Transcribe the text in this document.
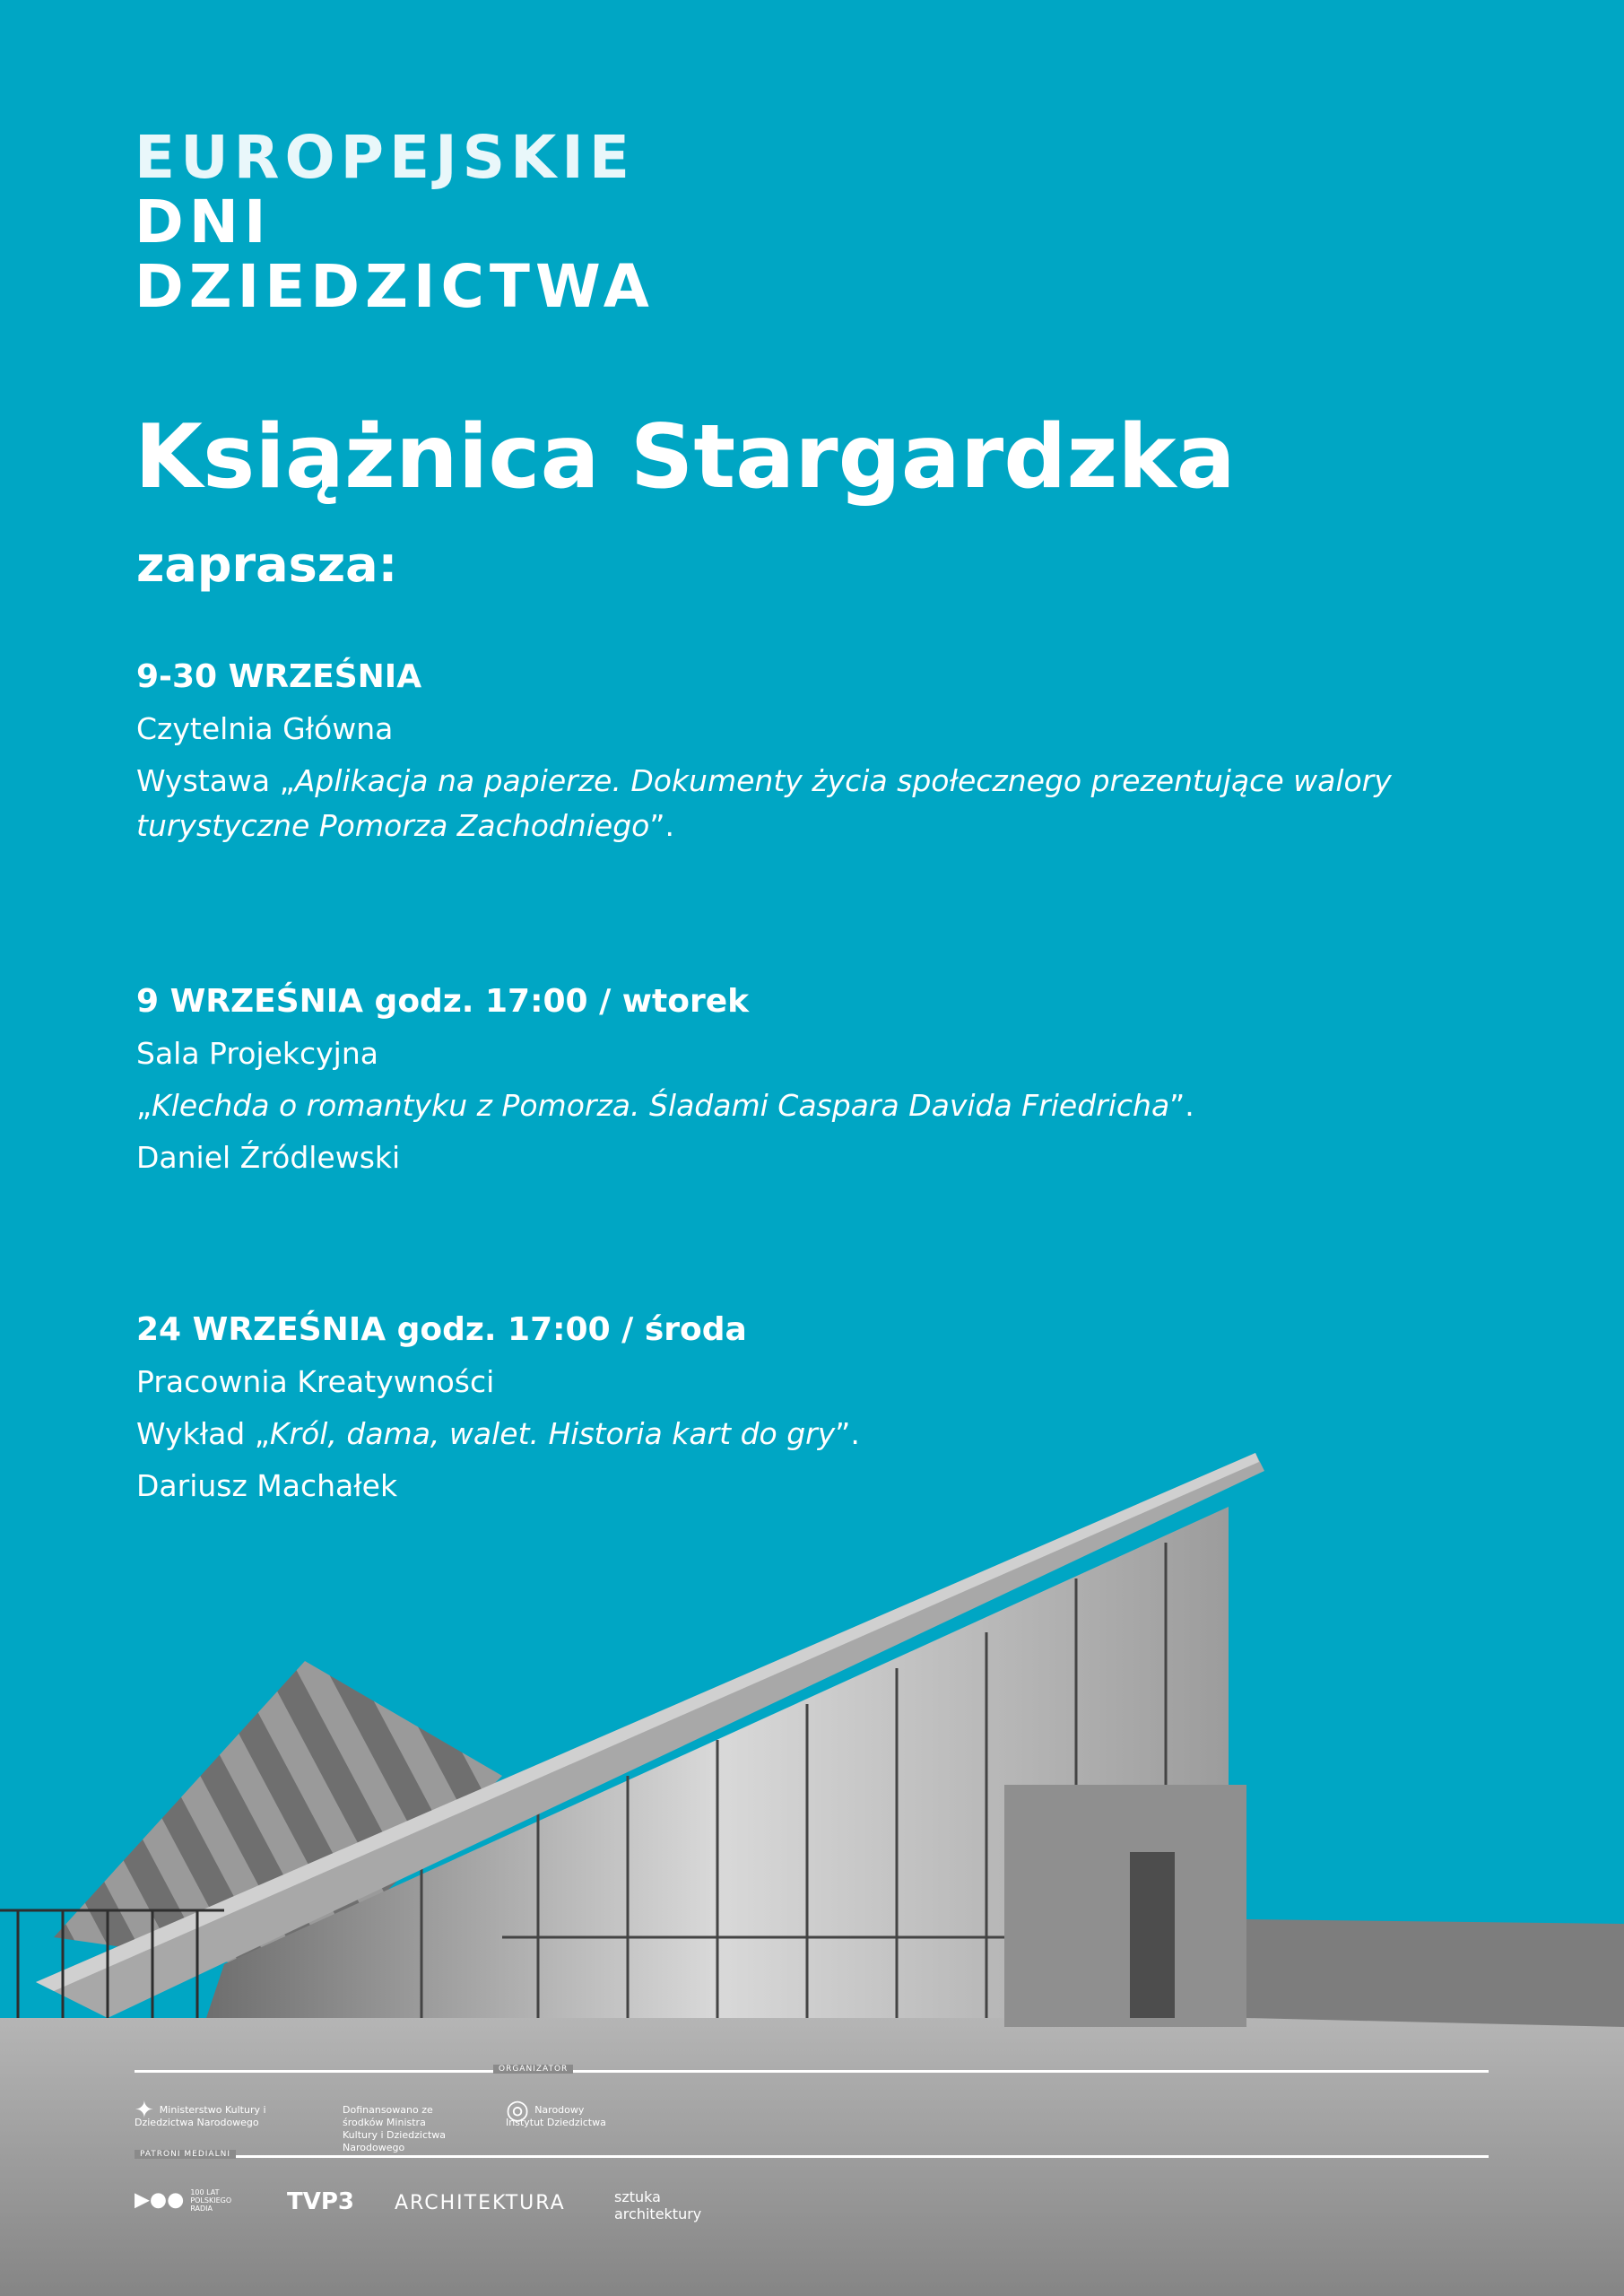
EUROPEJSKIE
DNI
DZIEDZICTWA
Książnica Stargardzka
zaprasza:
9-30 WRZEŚNIA
Czytelnia Główna
Wystawa „Aplikacja na papierze. Dokumenty życia społecznego prezentujące walory turystyczne Pomorza Zachodniego”.
9 WRZEŚNIA godz. 17:00 / wtorek
Sala Projekcyjna
„Klechda o romantyku z Pomorza. Śladami Caspara Davida Friedricha”.
Daniel Źródlewski
24 WRZEŚNIA godz. 17:00 / środa
Pracownia Kreatywności
Wykład „Król, dama, walet. Historia kart do gry”.
Dariusz Machałek
ORGANIZATOR
✦ Ministerstwo Kultury i Dziedzictwa Narodowego
Dofinansowano ze środków Ministra Kultury i Dziedzictwa Narodowego
◎ Narodowy Instytut Dziedzictwa
PATRONI MEDIALNI
▶●● 100 LAT POLSKIEGO RADIA	TVP3 ARCHITEKTURA	sztuka architektury
